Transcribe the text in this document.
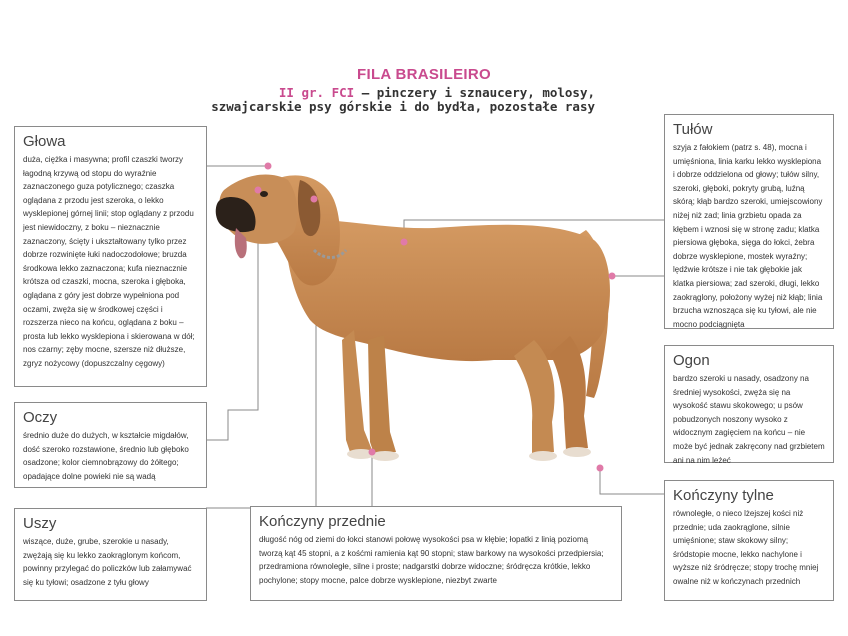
FILA BRASILEIRO
II gr. FCI – pinczery i sznaucery, molosy,
szwajcarskie psy górskie i do bydła, pozostałe rasy
Głowa

duża, ciężka i masywna; profil czaszki tworzy łagodną krzywą od stopu do wyraźnie zaznaczonego guza potylicznego; czaszka oglądana z przodu jest szeroka, o lekko wysklepionej górnej linii; stop oglądany z przodu jest niewidoczny, z boku – nieznacznie zaznaczony, ścięty i ukształtowany tylko przez dobrze rozwinięte łuki nadoczodołowe; bruzda środkowa lekko zaznaczona; kufa nieznacznie krótsza od czaszki, mocna, szeroka i głęboka, oglądana z góry jest dobrze wypełniona pod oczami, zwęża się w środkowej części i rozszerza nieco na końcu, oglądana z boku – prosta lub lekko wysklepiona i skierowana w dół; nos czarny; zęby mocne, szersze niż dłuższe, zgryz nożycowy (dopuszczalny cęgowy)

Oczy

średnio duże do dużych, w kształcie migdałów, dość szeroko rozstawione, średnio lub głęboko osadzone; kolor ciemnobrązowy do żółtego; opadające dolne powieki nie są wadą

Uszy

wiszące, duże, grube, szerokie u nasady, zwężają się ku lekko zaokrąglonym końcom, powinny przylegać do policzków lub załamywać się ku tyłowi; osadzone z tyłu głowy

Kończyny przednie

długość nóg od ziemi do łokci stanowi połowę wysokości psa w kłębie; łopatki z linią poziomą tworzą kąt 45 stopni, a z kośćmi ramienia kąt 90 stopni; staw barkowy na wysokości przedpiersia; przedramiona równoległe, silne i proste; nadgarstki dobrze widoczne; śródręcza krótkie, lekko pochylone; stopy mocne, palce dobrze wysklepione, niezbyt zwarte

Tułów

szyja z fałokiem (patrz s. 48), mocna i umięśniona, linia karku lekko wysklepiona i dobrze oddzielona od głowy; tułów silny, szeroki, głęboki, pokryty grubą, luźną skórą; kłąb bardzo szeroki, umiejscowiony niżej niż zad; linia grzbietu opada za kłębem i wznosi się w stronę zadu; klatka piersiowa głęboka, sięga do łokci, żebra dobrze wysklepione, mostek wyraźny; lędźwie krótsze i nie tak głębokie jak klatka piersiowa; zad szeroki, długi, lekko zaokrąglony, położony wyżej niż kłąb; linia brzucha wznosząca się ku tyłowi, ale nie mocno podciągnięta

Ogon

bardzo szeroki u nasady, osadzony na średniej wysokości, zwęża się na wysokość stawu skokowego; u psów pobudzonych noszony wysoko z widocznym zagięciem na końcu – nie może być jednak zakręcony nad grzbietem ani na nim leżeć

Kończyny tylne

równoległe, o nieco lżejszej kości niż przednie; uda zaokrąglone, silnie umięśnione; staw skokowy silny; śródstopie mocne, lekko nachylone i wyższe niż śródręcze; stopy trochę mniej owalne niż w kończynach przednich
